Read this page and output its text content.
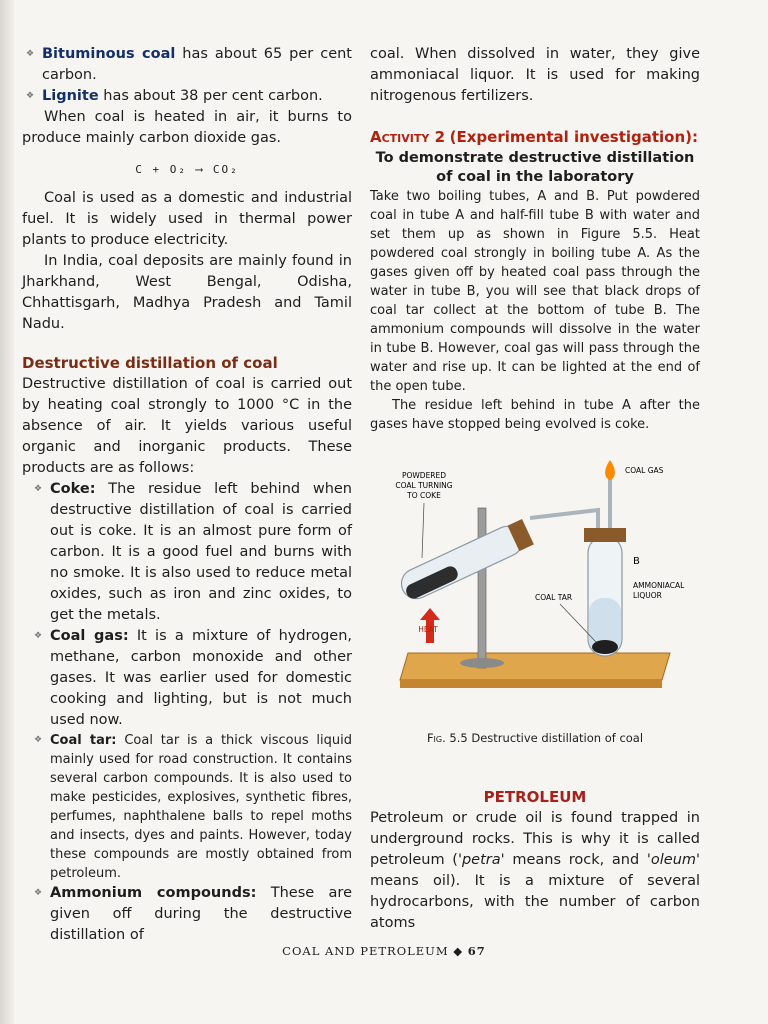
❖ Bituminous coal has about 65 per cent carbon.

❖ Lignite has about 38 per cent carbon.

When coal is heated in air, it burns to produce mainly carbon dioxide gas.

C + O₂ ⟶ CO₂

Coal is used as a domestic and industrial fuel. It is widely used in thermal power plants to produce electricity.

In India, coal deposits are mainly found in Jharkhand, West Bengal, Odisha, Chhattisgarh, Madhya Pradesh and Tamil Nadu.

Destructive distillation of coal

Destructive distillation of coal is carried out by heating coal strongly to 1000 °C in the absence of air. It yields various useful organic and inorganic products. These products are as follows:

❖ Coke: The residue left behind when destructive distillation of coal is carried out is coke. It is an almost pure form of carbon. It is a good fuel and burns with no smoke. It is also used to reduce metal oxides, such as iron and zinc oxides, to get the metals.

❖ Coal gas: It is a mixture of hydrogen, methane, carbon monoxide and other gases. It was earlier used for domestic cooking and lighting, but is not much used now.

❖ Coal tar: Coal tar is a thick viscous liquid mainly used for road construction. It contains several carbon compounds. It is also used to make pesticides, explosives, synthetic fibres, perfumes, naphthalene balls to repel moths and insects, dyes and paints. However, today these compounds are mostly obtained from petroleum.

❖ Ammonium compounds: These are given off during the destructive distillation of

coal. When dissolved in water, they give ammoniacal liquor. It is used for making nitrogenous fertilizers.

Activity 2 (Experimental investigation):
To demonstrate destructive distillation of coal in the laboratory

Take two boiling tubes, A and B. Put powdered coal in tube A and half-fill tube B with water and set them up as shown in Figure 5.5. Heat powdered coal strongly in boiling tube A. As the gases given off by heated coal pass through the water in tube B, you will see that black drops of coal tar collect at the bottom of tube B. The ammonium compounds will dissolve in the water in tube B. However, coal gas will pass through the water and rise up. It can be lighted at the end of the open tube.

The residue left behind in tube A after the gases have stopped being evolved is coke.

POWDERED
COAL TURNING
TO COKE
COAL GAS
B
AMMONIACAL
LIQUOR
COAL TAR
HEAT
Fig. 5.5 Destructive distillation of coal
PETROLEUM

Petroleum or crude oil is found trapped in underground rocks. This is why it is called petroleum ('petra' means rock, and 'oleum' means oil). It is a mixture of several hydrocarbons, with the number of carbon atoms

COAL AND PETROLEUM ◆ 67
